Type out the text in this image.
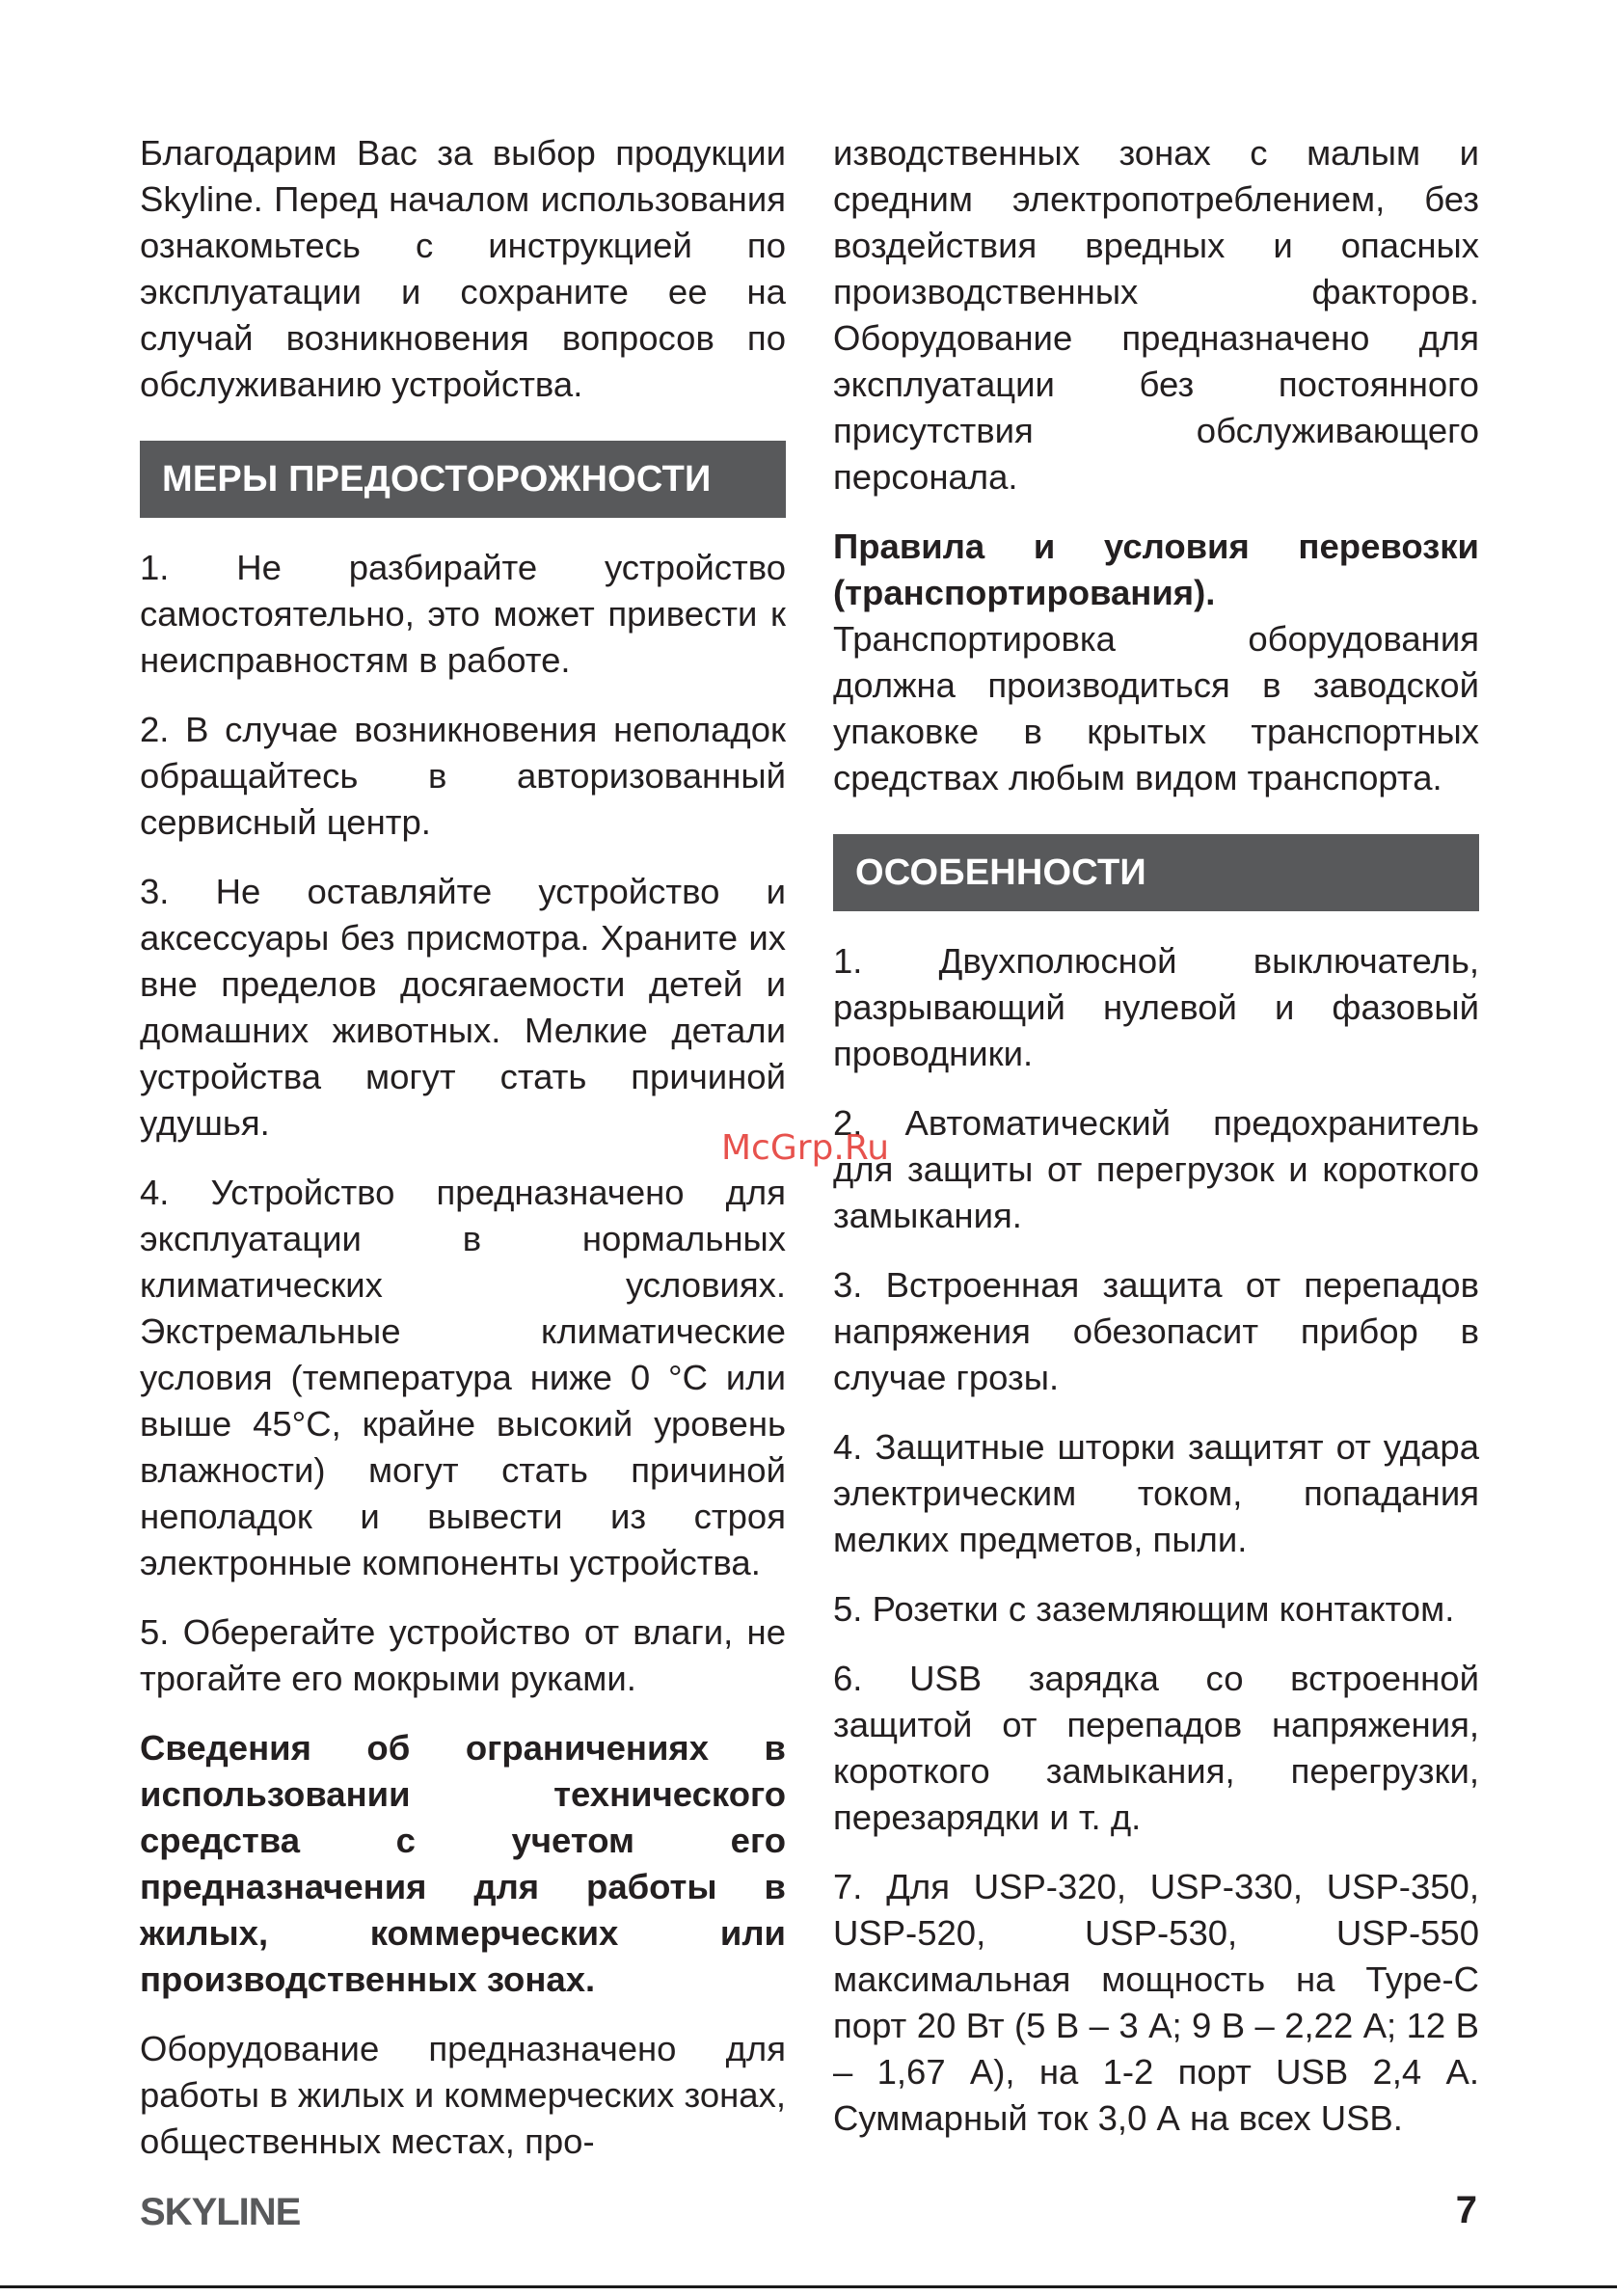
Благодарим Вас за выбор продукции Skyline. Перед началом использования ознакомьтесь с инструкцией по эксплуатации и сохраните ее на случай возникновения вопросов по обслуживанию устройства.

МЕРЫ ПРЕДОСТОРОЖНОСТИ

1. Не разбирайте устройство самостоятельно, это может привести к неисправностям в работе.

2. В случае возникновения неполадок обращайтесь в авторизованный сервисный центр.

3. Не оставляйте устройство и аксессуары без присмотра. Храните их вне пределов досягаемости детей и домашних животных. Мелкие детали устройства могут стать причиной удушья.

4. Устройство предназначено для эксплуатации в нормальных климатических условиях. Экстремальные климатические условия (температура ниже 0 °C или выше 45°C, крайне высокий уровень влажности) могут стать причиной неполадок и вывести из строя электронные компоненты устройства.

5. Оберегайте устройство от влаги, не трогайте его мокрыми руками.

Сведения об ограничениях в использовании технического средства с учетом его предназначения для работы в жилых, коммерческих или производственных зонах.

Оборудование предназначено для работы в жилых и коммерческих зонах, общественных местах, про-

изводственных зонах с малым и средним электропотреблением, без воздействия вредных и опасных производственных факторов. Оборудование предназначено для эксплуатации без постоянного присутствия обслуживающего персонала.

Правила и условия перевозки (транспортирования). Транспортировка оборудования должна производиться в заводской упаковке в крытых транспортных средствах любым видом транспорта.

ОСОБЕННОСТИ

1. Двухполюсной выключатель, разрывающий нулевой и фазовый проводники.

2. Автоматический предохранитель для защиты от перегрузок и короткого замыкания.

3. Встроенная защита от перепадов напряжения обезопасит прибор в случае грозы.

4. Защитные шторки защитят от удара электрическим током, попадания мелких предметов, пыли.

5. Розетки с заземляющим контактом.

6. USB зарядка со встроенной защитой от перепадов напряжения, короткого замыкания, перегрузки, перезарядки и т. д.

7. Для USP-320, USP-330, USP-350, USP-520, USP-530, USP-550 максимальная мощность на Type-C порт 20 Вт (5 В – 3 А; 9 В – 2,22 А; 12 В – 1,67 А), на 1-2 порт USB 2,4 А. Суммарный ток 3,0 А на всех USB.

McGrp.Ru
SKYLINE	7
